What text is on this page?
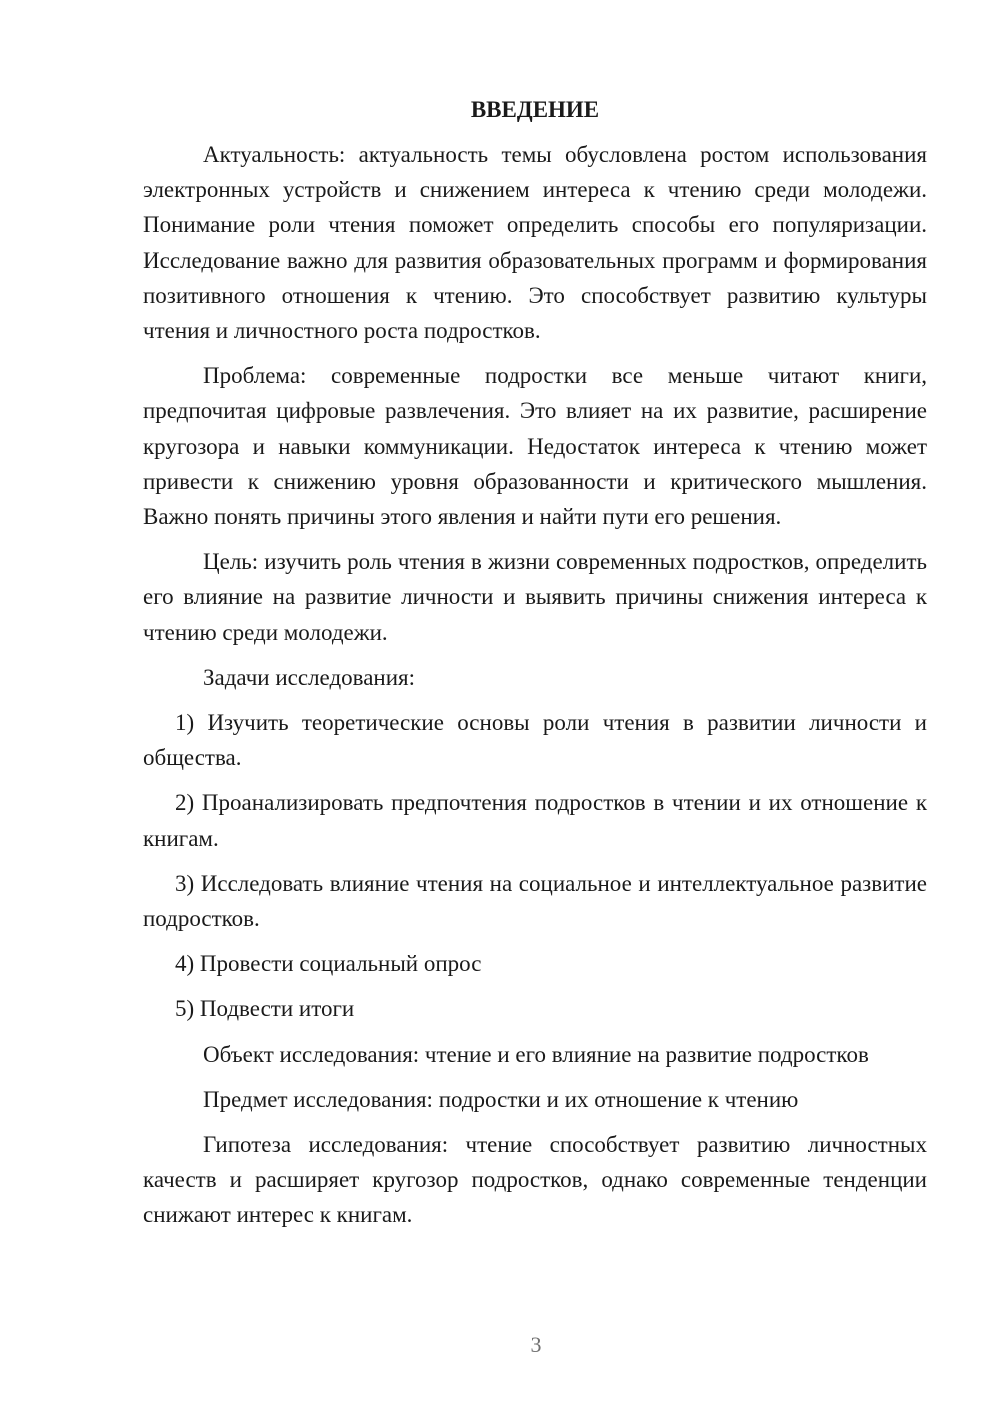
ВВЕДЕНИЕ

Актуальность: актуальность темы обусловлена ростом использования электронных устройств и снижением интереса к чтению среди молодежи. Понимание роли чтения поможет определить способы его популяризации. Исследование важно для развития образовательных программ и формирования позитивного отношения к чтению. Это способствует развитию культуры чтения и личностного роста подростков.

Проблема: современные подростки все меньше читают книги, предпочитая цифровые развлечения. Это влияет на их развитие, расширение кругозора и навыки коммуникации. Недостаток интереса к чтению может привести к снижению уровня образованности и критического мышления. Важно понять причины этого явления и найти пути его решения.

Цель: изучить роль чтения в жизни современных подростков, определить его влияние на развитие личности и выявить причины снижения интереса к чтению среди молодежи.

Задачи исследования:

1) Изучить теоретические основы роли чтения в развитии личности и общества.

2) Проанализировать предпочтения подростков в чтении и их отношение к книгам.

3) Исследовать влияние чтения на социальное и интеллектуальное развитие подростков.

4) Провести социальный опрос

5) Подвести итоги

Объект исследования: чтение и его влияние на развитие подростков

Предмет исследования: подростки и их отношение к чтению

Гипотеза исследования: чтение способствует развитию личностных качеств и расширяет кругозор подростков, однако современные тенденции снижают интерес к книгам.

3
